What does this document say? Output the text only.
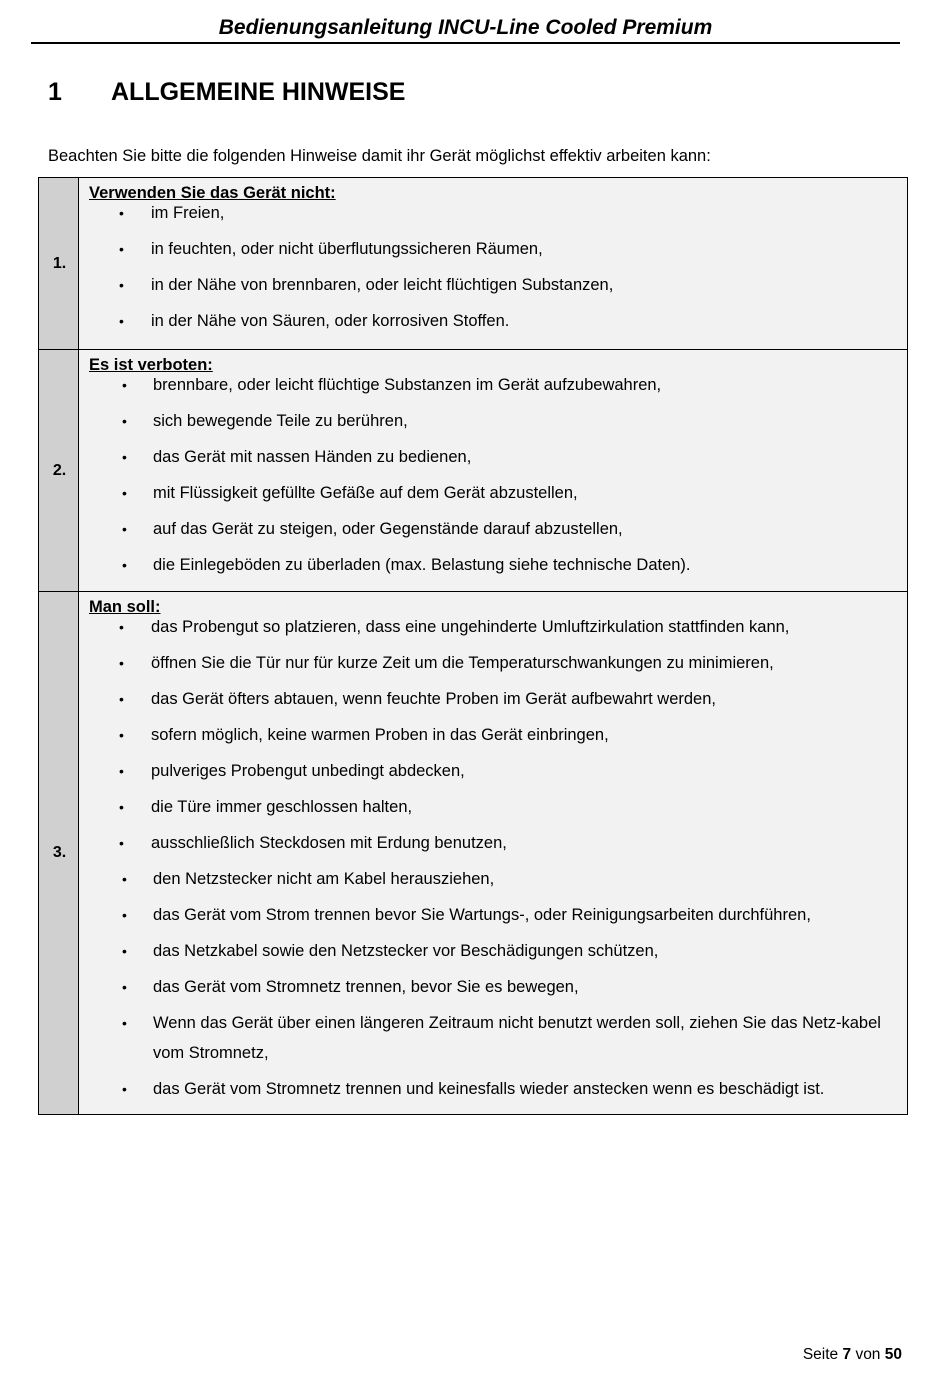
Bedienungsanleitung INCU-Line Cooled Premium
1	ALLGEMEINE HINWEISE
Beachten Sie bitte die folgenden Hinweise damit ihr Gerät möglichst effektiv arbeiten kann:
1.
Verwenden Sie das Gerät nicht:
•	im Freien,
•	in feuchten, oder nicht überflutungssicheren Räumen,
•	in der Nähe von brennbaren, oder leicht flüchtigen Substanzen,
•	in der Nähe von Säuren, oder korrosiven Stoffen.
2.
Es ist verboten:
•	brennbare, oder leicht flüchtige Substanzen im Gerät aufzubewahren,
•	sich bewegende Teile zu berühren,
•	das Gerät mit nassen Händen zu bedienen,
•	mit Flüssigkeit gefüllte Gefäße auf dem Gerät abzustellen,
•	auf das Gerät zu steigen, oder Gegenstände darauf abzustellen,
•	die Einlegeböden zu überladen (max. Belastung siehe technische Daten).
3.
Man soll:
•	das Probengut so platzieren, dass eine ungehinderte Umluftzirkulation stattfinden kann,
•	öffnen Sie die Tür nur für kurze Zeit um die Temperaturschwankungen zu minimieren,
•	das Gerät öfters abtauen, wenn feuchte Proben im Gerät aufbewahrt werden,
•	sofern möglich, keine warmen Proben in das Gerät einbringen,
•	pulveriges Probengut unbedingt abdecken,
•	die Türe immer geschlossen halten,
•	ausschließlich Steckdosen mit Erdung benutzen,
•	den Netzstecker nicht am Kabel herausziehen,
•	das Gerät vom Strom trennen bevor Sie Wartungs-, oder Reinigungsarbeiten durchführen,
•	das Netzkabel sowie den Netzstecker vor Beschädigungen schützen,
•	das Gerät vom Stromnetz trennen, bevor Sie es bewegen,
•	Wenn das Gerät über einen längeren Zeitraum nicht benutzt werden soll, ziehen Sie das Netz-kabel vom Stromnetz,
•	das Gerät vom Stromnetz trennen und keinesfalls wieder anstecken wenn es beschädigt ist.
Seite 7 von 50
